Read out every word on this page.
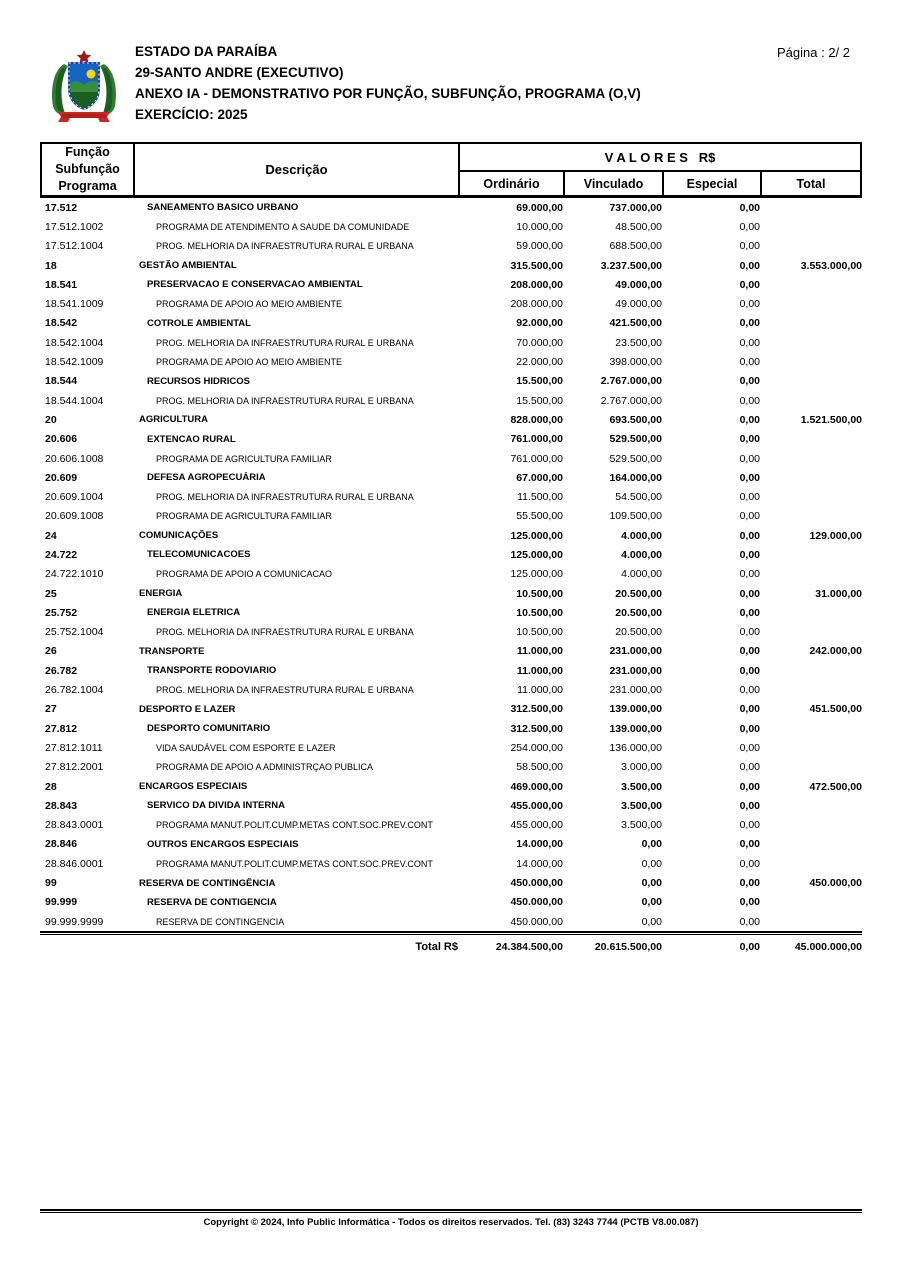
ESTADO DA PARAÍBA
29-SANTO ANDRE (EXECUTIVO)
ANEXO IA - DEMONSTRATIVO POR FUNÇÃO, SUBFUNÇÃO, PROGRAMA (O,V)
EXERCÍCIO: 2025
Página : 2/ 2
Função
Subfunção
Programa
Descrição
V A L O R E S   R$
Ordinário	Vinculado	Especial	Total
17.512	SANEAMENTO BASICO URBANO	69.000,00	737.000,00	0,00
17.512.1002	PROGRAMA DE ATENDIMENTO A SAUDE DA COMUNIDADE	10.000,00	48.500,00	0,00
17.512.1004	PROG. MELHORIA DA INFRAESTRUTURA RURAL E URBANA	59.000,00	688.500,00	0,00
18	GESTÃO AMBIENTAL	315.500,00	3.237.500,00	0,00	3.553.000,00
18.541	PRESERVACAO E CONSERVACAO AMBIENTAL	208.000,00	49.000,00	0,00
18.541.1009	PROGRAMA DE APOIO AO MEIO AMBIENTE	208.000,00	49.000,00	0,00
18.542	COTROLE AMBIENTAL	92.000,00	421.500,00	0,00
18.542.1004	PROG. MELHORIA DA INFRAESTRUTURA RURAL E URBANA	70.000,00	23.500,00	0,00
18.542.1009	PROGRAMA DE APOIO AO MEIO AMBIENTE	22.000,00	398.000,00	0,00
18.544	RECURSOS HIDRICOS	15.500,00	2.767.000,00	0,00
18.544.1004	PROG. MELHORIA DA INFRAESTRUTURA RURAL E URBANA	15.500,00	2.767.000,00	0,00
20	AGRICULTURA	828.000,00	693.500,00	0,00	1.521.500,00
20.606	EXTENCAO RURAL	761.000,00	529.500,00	0,00
20.606.1008	PROGRAMA DE AGRICULTURA FAMILIAR	761.000,00	529.500,00	0,00
20.609	DEFESA AGROPECUÁRIA	67.000,00	164.000,00	0,00
20.609.1004	PROG. MELHORIA DA INFRAESTRUTURA RURAL E URBANA	11.500,00	54.500,00	0,00
20.609.1008	PROGRAMA DE AGRICULTURA FAMILIAR	55.500,00	109.500,00	0,00
24	COMUNICAÇÕES	125.000,00	4.000,00	0,00	129.000,00
24.722	TELECOMUNICACOES	125.000,00	4.000,00	0,00
24.722.1010	PROGRAMA DE APOIO A COMUNICACAO	125.000,00	4.000,00	0,00
25	ENERGIA	10.500,00	20.500,00	0,00	31.000,00
25.752	ENERGIA ELETRICA	10.500,00	20.500,00	0,00
25.752.1004	PROG. MELHORIA DA INFRAESTRUTURA RURAL E URBANA	10.500,00	20.500,00	0,00
26	TRANSPORTE	11.000,00	231.000,00	0,00	242.000,00
26.782	TRANSPORTE RODOVIARIO	11.000,00	231.000,00	0,00
26.782.1004	PROG. MELHORIA DA INFRAESTRUTURA RURAL E URBANA	11.000,00	231.000,00	0,00
27	DESPORTO E LAZER	312.500,00	139.000,00	0,00	451.500,00
27.812	DESPORTO COMUNITARIO	312.500,00	139.000,00	0,00
27.812.1011	VIDA SAUDÁVEL COM ESPORTE E LAZER	254.000,00	136.000,00	0,00
27.812.2001	PROGRAMA DE APOIO A ADMINISTRÇAO PUBLICA	58.500,00	3.000,00	0,00
28	ENCARGOS ESPECIAIS	469.000,00	3.500,00	0,00	472.500,00
28.843	SERVICO DA DIVIDA INTERNA	455.000,00	3.500,00	0,00
28.843.0001	PROGRAMA MANUT.POLIT.CUMP.METAS CONT.SOC.PREV.CONT	455.000,00	3.500,00	0,00
28.846	OUTROS ENCARGOS ESPECIAIS	14.000,00	0,00	0,00
28.846.0001	PROGRAMA MANUT.POLIT.CUMP.METAS CONT.SOC.PREV.CONT	14.000,00	0,00	0,00
99	RESERVA DE CONTINGÊNCIA	450.000,00	0,00	0,00	450.000,00
99.999	RESERVA DE CONTIGENCIA	450.000,00	0,00	0,00
99.999.9999	RESERVA DE CONTINGENCIA	450.000,00	0,00	0,00
Total R$	24.384.500,00	20.615.500,00	0,00	45.000.000,00
Copyright © 2024, Info Public Informática - Todos os direitos reservados. Tel. (83) 3243 7744 (PCTB V8.00.087)
